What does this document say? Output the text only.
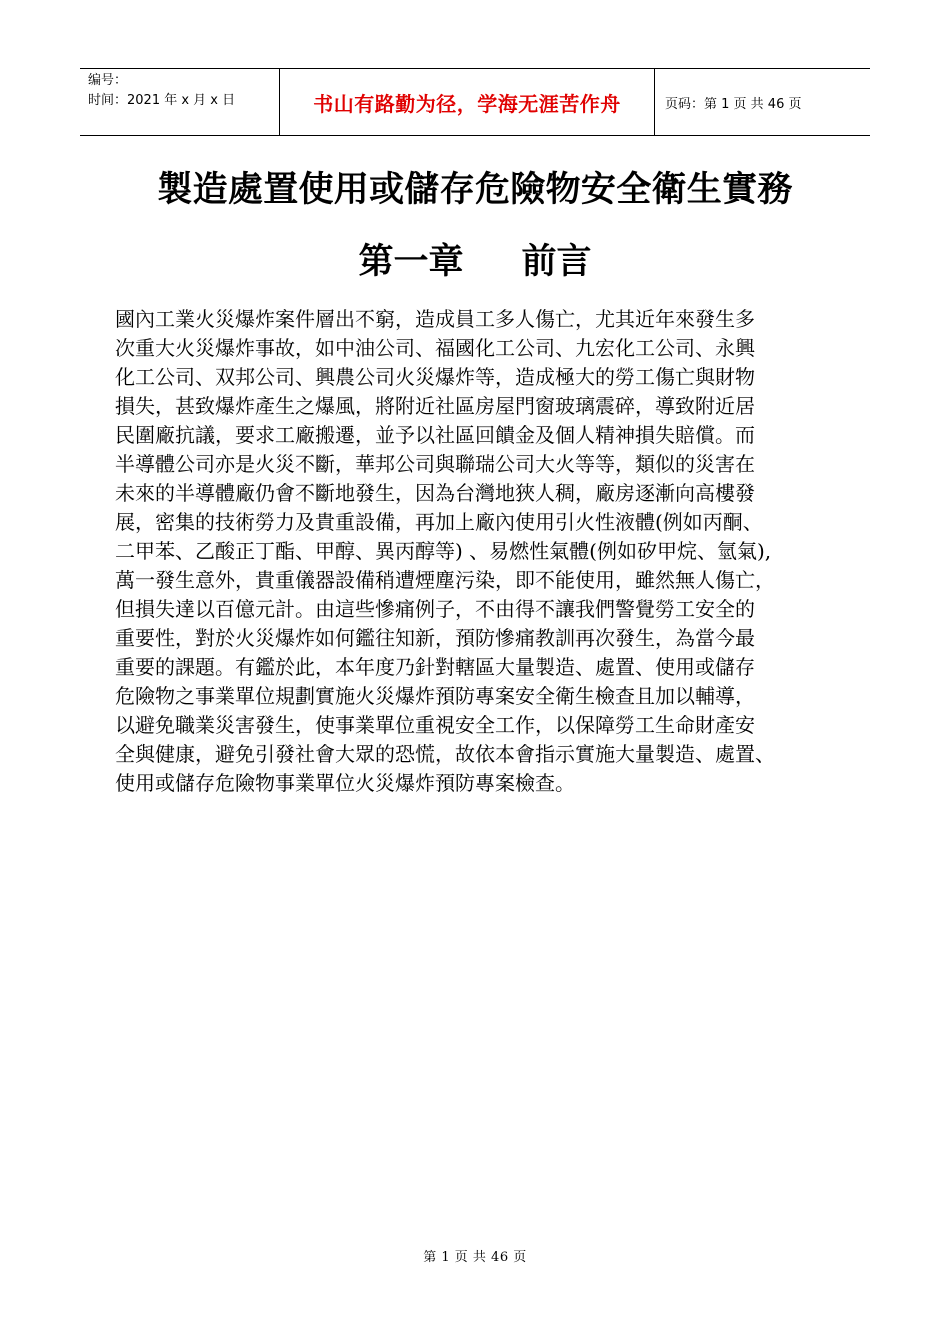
编号：
时间：2021 年 x 月 x 日	书山有路勤为径，学海无涯苦作舟	页码：第 1 页 共 46 页
製造處置使用或儲存危險物安全衛生實務
第一章 前言
國內工業火災爆炸案件層出不窮，造成員工多人傷亡，尤其近年來發生多
次重大火災爆炸事故，如中油公司、福國化工公司、九宏化工公司、永興
化工公司、双邦公司、興農公司火災爆炸等，造成極大的勞工傷亡與財物
損失，甚致爆炸產生之爆風，將附近社區房屋門窗玻璃震碎，導致附近居
民圍廠抗議，要求工廠搬遷，並予以社區回饋金及個人精神損失賠償。而
半導體公司亦是火災不斷，華邦公司與聯瑞公司大火等等，類似的災害在
未來的半導體廠仍會不斷地發生，因為台灣地狹人稠，廠房逐漸向高樓發
展，密集的技術勞力及貴重設備，再加上廠內使用引火性液體(例如丙酮、
二甲苯、乙酸正丁酯、甲醇、異丙醇等) 、易燃性氣體(例如矽甲烷、氫氣),
萬一發生意外，貴重儀器設備稍遭煙塵污染，即不能使用，雖然無人傷亡，
但損失達以百億元計。由這些慘痛例子，不由得不讓我們警覺勞工安全的
重要性，對於火災爆炸如何鑑往知新，預防慘痛教訓再次發生，為當今最
重要的課題。有鑑於此，本年度乃針對轄區大量製造、處置、使用或儲存
危險物之事業單位規劃實施火災爆炸預防專案安全衛生檢查且加以輔導，
以避免職業災害發生，使事業單位重視安全工作，以保障勞工生命財產安
全與健康，避免引發社會大眾的恐慌，故依本會指示實施大量製造、處置、
使用或儲存危險物事業單位火災爆炸預防專案檢查。
第 1 页 共 46 页
